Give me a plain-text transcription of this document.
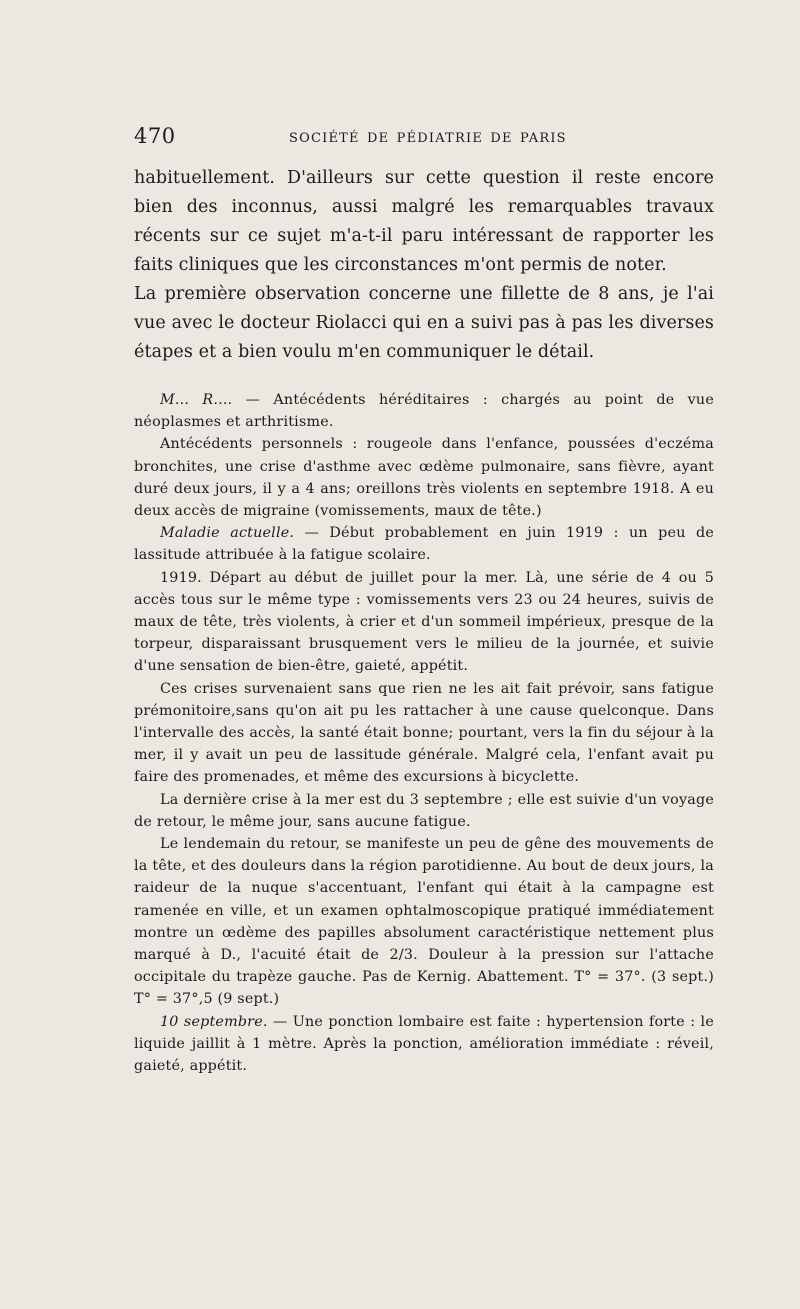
470	SOCIÉTÉ DE PÉDIATRIE DE PARIS

habituellement. D'ailleurs sur cette question il reste encore bien des inconnus, aussi malgré les remarquables travaux récents sur ce sujet m'a-t-il paru intéressant de rapporter les faits cliniques que les circonstances m'ont permis de noter.

La première observation concerne une fillette de 8 ans, je l'ai vue avec le docteur Riolacci qui en a suivi pas à pas les diverses étapes et a bien voulu m'en communiquer le détail.

M... R.... — Antécédents héréditaires : chargés au point de vue néoplasmes et arthritisme.

Antécédents personnels : rougeole dans l'enfance, poussées d'eczéma bronchites, une crise d'asthme avec œdème pulmonaire, sans fièvre, ayant duré deux jours, il y a 4 ans; oreillons très violents en septembre 1918. A eu deux accès de migraine (vomissements, maux de tête.)

Maladie actuelle. — Début probablement en juin 1919 : un peu de lassitude attribuée à la fatigue scolaire.

1919. Départ au début de juillet pour la mer. Là, une série de 4 ou 5 accès tous sur le même type : vomissements vers 23 ou 24 heures, suivis de maux de tête, très violents, à crier et d'un sommeil impérieux, presque de la torpeur, disparaissant brusquement vers le milieu de la journée, et suivie d'une sensation de bien-être, gaieté, appétit.

Ces crises survenaient sans que rien ne les ait fait prévoir, sans fatigue prémonitoire,sans qu'on ait pu les rattacher à une cause quelconque. Dans l'intervalle des accès, la santé était bonne; pourtant, vers la fin du séjour à la mer, il y avait un peu de lassitude générale. Malgré cela, l'enfant avait pu faire des promenades, et même des excursions à bicyclette.

La dernière crise à la mer est du 3 septembre ; elle est suivie d'un voyage de retour, le même jour, sans aucune fatigue.

Le lendemain du retour, se manifeste un peu de gêne des mouvements de la tête, et des douleurs dans la région parotidienne. Au bout de deux jours, la raideur de la nuque s'accentuant, l'enfant qui était à la campagne est ramenée en ville, et un examen ophtalmoscopique pratiqué immédiatement montre un œdème des papilles absolument caractéristique nettement plus marqué à D., l'acuité était de 2/3. Douleur à la pression sur l'attache occipitale du trapèze gauche. Pas de Kernig. Abattement. T° = 37°. (3 sept.) T° = 37°,5 (9 sept.)

10 septembre. — Une ponction lombaire est faite : hypertension forte : le liquide jaillit à 1 mètre. Après la ponction, amélioration immédiate : réveil, gaieté, appétit.
